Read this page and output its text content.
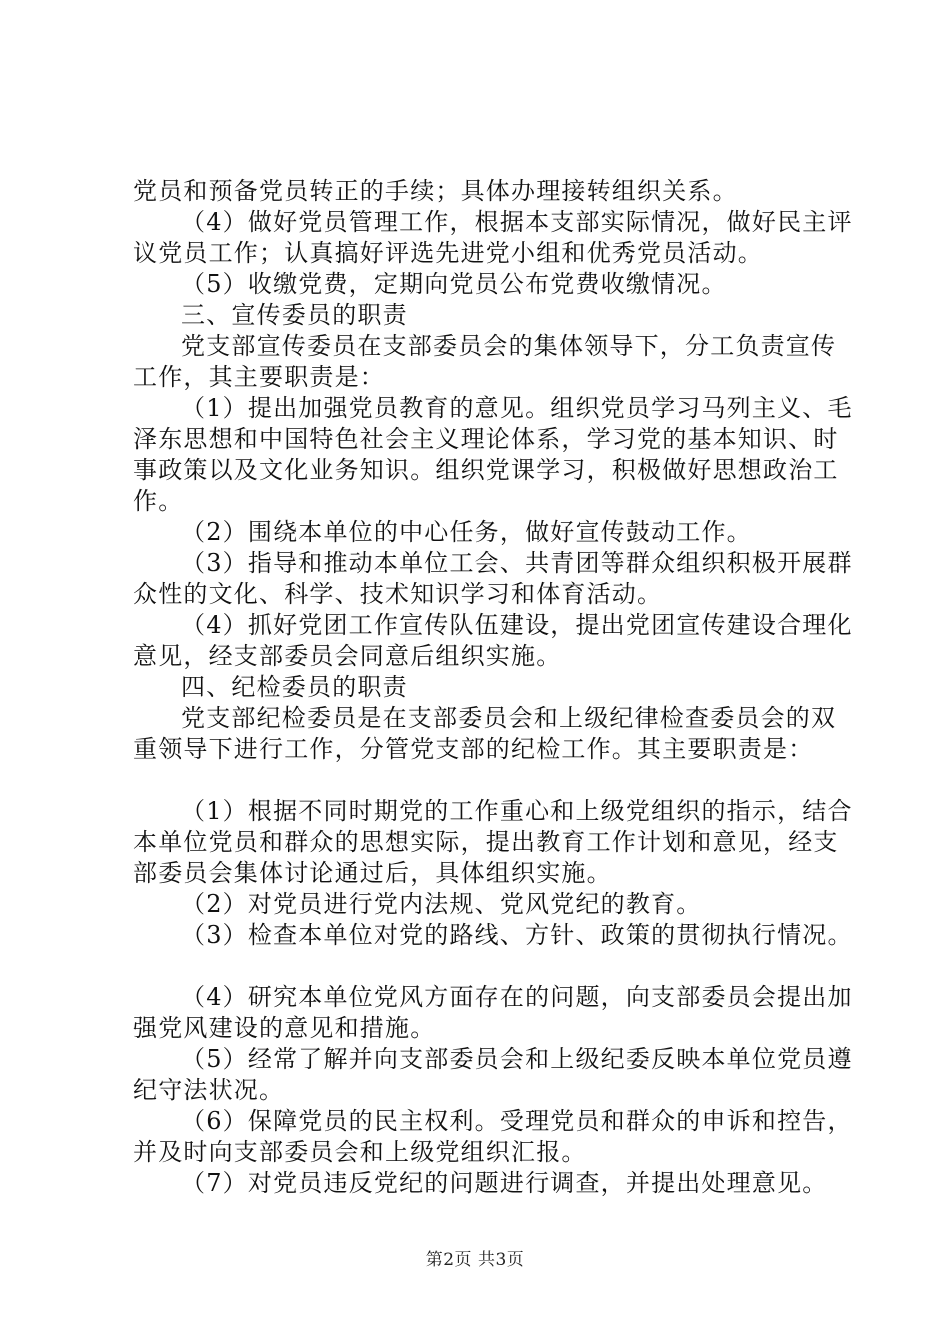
党员和预备党员转正的手续；具体办理接转组织关系。

（4）做好党员管理工作，根据本支部实际情况，做好民主评议党员工作；认真搞好评选先进党小组和优秀党员活动。

（5）收缴党费，定期向党员公布党费收缴情况。

三、宣传委员的职责

党支部宣传委员在支部委员会的集体领导下，分工负责宣传工作，其主要职责是：

（1）提出加强党员教育的意见。组织党员学习马列主义、毛泽东思想和中国特色社会主义理论体系，学习党的基本知识、时事政策以及文化业务知识。组织党课学习，积极做好思想政治工作。

（2）围绕本单位的中心任务，做好宣传鼓动工作。

（3）指导和推动本单位工会、共青团等群众组织积极开展群众性的文化、科学、技术知识学习和体育活动。

（4）抓好党团工作宣传队伍建设，提出党团宣传建设合理化意见，经支部委员会同意后组织实施。

四、纪检委员的职责

党支部纪检委员是在支部委员会和上级纪律检查委员会的双重领导下进行工作，分管党支部的纪检工作。其主要职责是：

（1）根据不同时期党的工作重心和上级党组织的指示，结合本单位党员和群众的思想实际，提出教育工作计划和意见，经支部委员会集体讨论通过后，具体组织实施。

（2）对党员进行党内法规、党风党纪的教育。

（3）检查本单位对党的路线、方针、政策的贯彻执行情况。

（4）研究本单位党风方面存在的问题，向支部委员会提出加强党风建设的意见和措施。

（5）经常了解并向支部委员会和上级纪委反映本单位党员遵纪守法状况。

（6）保障党员的民主权利。受理党员和群众的申诉和控告，并及时向支部委员会和上级党组织汇报。

（7）对党员违反党纪的问题进行调查，并提出处理意见。

第2页 共3页
